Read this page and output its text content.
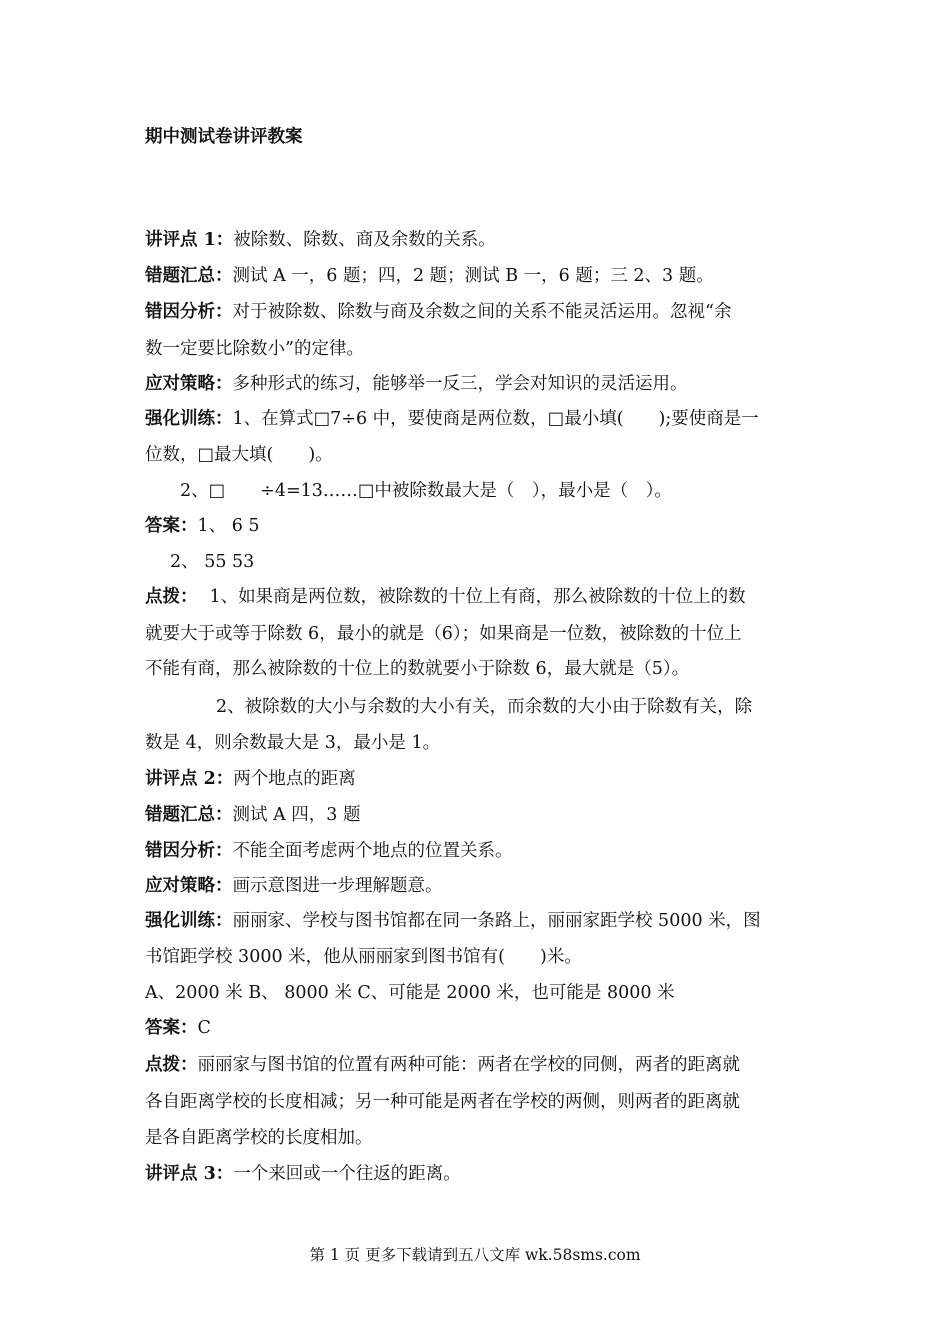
期中测试卷讲评教案
讲评点 1：被除数、除数、商及余数的关系。
错题汇总：测试 A 一，6 题；四，2 题；测试 B 一，6 题；三 2、3 题。
错因分析：对于被除数、除数与商及余数之间的关系不能灵活运用。忽视“余
数一定要比除数小”的定律。
应对策略：多种形式的练习，能够举一反三，学会对知识的灵活运用。
强化训练：1、在算式□7÷6 中，要使商是两位数，□最小填(　　);要使商是一
位数，□最大填(　　)。
2、□　　÷4=13……□中被除数最大是（　），最小是（　）。
答案：1、 6 5
2、 55 53
点拨： 1、如果商是两位数，被除数的十位上有商，那么被除数的十位上的数
就要大于或等于除数 6，最小的就是（6）；如果商是一位数，被除数的十位上
不能有商，那么被除数的十位上的数就要小于除数 6，最大就是（5）。
2、被除数的大小与余数的大小有关，而余数的大小由于除数有关，除
数是 4，则余数最大是 3，最小是 1。
讲评点 2：两个地点的距离
错题汇总：测试 A 四，3 题
错因分析：不能全面考虑两个地点的位置关系。
应对策略：画示意图进一步理解题意。
强化训练：丽丽家、学校与图书馆都在同一条路上，丽丽家距学校 5000 米，图
书馆距学校 3000 米，他从丽丽家到图书馆有(　　)米。
A、2000 米 B、 8000 米 C、可能是 2000 米，也可能是 8000 米
答案：C
点拨：丽丽家与图书馆的位置有两种可能：两者在学校的同侧，两者的距离就
各自距离学校的长度相减；另一种可能是两者在学校的两侧，则两者的距离就
是各自距离学校的长度相加。
讲评点 3：一个来回或一个往返的距离。
第 1 页 更多下载请到五八文库 wk.58sms.com
